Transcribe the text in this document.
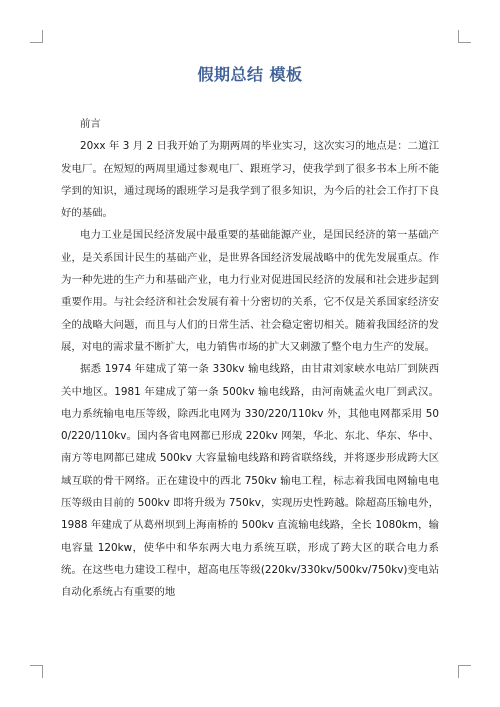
假期总结 模板

前言

20xx 年 3 月 2 日我开始了为期两周的毕业实习，这次实习的地点是：二道江发电厂。在短短的两周里通过参观电厂、跟班学习，使我学到了很多书本上所不能学到的知识，通过现场的跟班学习是我学到了很多知识，为今后的社会工作打下良好的基础。

电力工业是国民经济发展中最重要的基础能源产业，是国民经济的第一基础产业，是关系国计民生的基础产业，是世界各国经济发展战略中的优先发展重点。作为一种先进的生产力和基础产业，电力行业对促进国民经济的发展和社会进步起到重要作用。与社会经济和社会发展有着十分密切的关系，它不仅是关系国家经济安全的战略大问题，而且与人们的日常生活、社会稳定密切相关。随着我国经济的发展，对电的需求量不断扩大，电力销售市场的扩大又刺激了整个电力生产的发展。

据悉 1974 年建成了第一条 330kv 输电线路，由甘肃刘家峡水电站厂到陕西关中地区。1981 年建成了第一条 500kv 输电线路，由河南姚孟火电厂到武汉。电力系统输电电压等级，除西北电网为 330/220/110kv 外，其他电网都采用 500/220/110kv。国内各省电网都已形成 220kv 网架，华北、东北、华东、华中、南方等电网都已建成 500kv 大容量输电线路和跨省联络线，并将逐步形成跨大区域互联的骨干网络。正在建设中的西北 750kv 输电工程，标志着我国电网输电电压等级由目前的 500kv 即将升级为 750kv，实现历史性跨越。除超高压输电外，1988 年建成了从葛州坝到上海南桥的 500kv 直流输电线路，全长 1080km，输电容量 120kw，使华中和华东两大电力系统互联，形成了跨大区的联合电力系统。在这些电力建设工程中，超高电压等级(220kv/330kv/500kv/750kv)变电站自动化系统占有重要的地
